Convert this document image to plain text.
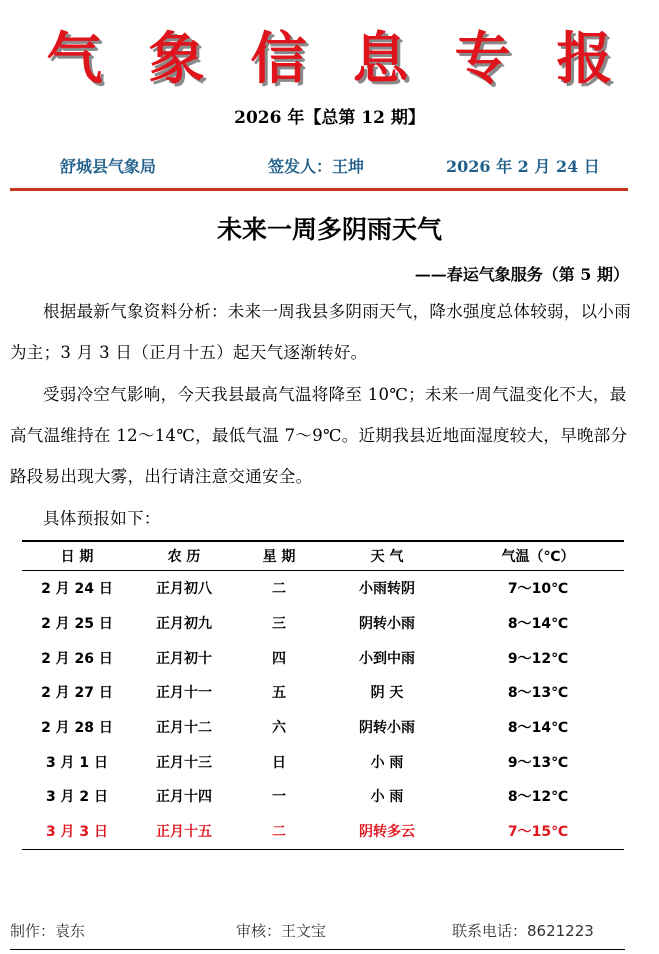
气 象 信 息 专 报
2026 年【总第 12 期】
舒城县气象局	签发人：王坤	2026 年 2 月 24 日
未来一周多阴雨天气
——春运气象服务（第 5 期）

根据最新气象资料分析：未来一周我县多阴雨天气，降水强度总体较弱，以小雨为主；3 月 3 日（正月十五）起天气逐渐转好。

受弱冷空气影响，今天我县最高气温将降至 10℃；未来一周气温变化不大，最高气温维持在 12～14℃，最低气温 7～9℃。近期我县近地面湿度较大，早晚部分路段易出现大雾，出行请注意交通安全。

具体预报如下：

日 期	农 历	星 期	天 气	气温（℃）
2 月 24 日	正月初八	二	小雨转阴	7～10℃
2 月 25 日	正月初九	三	阴转小雨	8～14℃
2 月 26 日	正月初十	四	小到中雨	9～12℃
2 月 27 日	正月十一	五	阴 天	8～13℃
2 月 28 日	正月十二	六	阴转小雨	8～14℃
3 月 1 日	正月十三	日	小 雨	9～13℃
3 月 2 日	正月十四	一	小 雨	8～12℃
3 月 3 日	正月十五	二	阴转多云	7～15℃
制作：袁东	审核：王文宝	联系电话：8621223
